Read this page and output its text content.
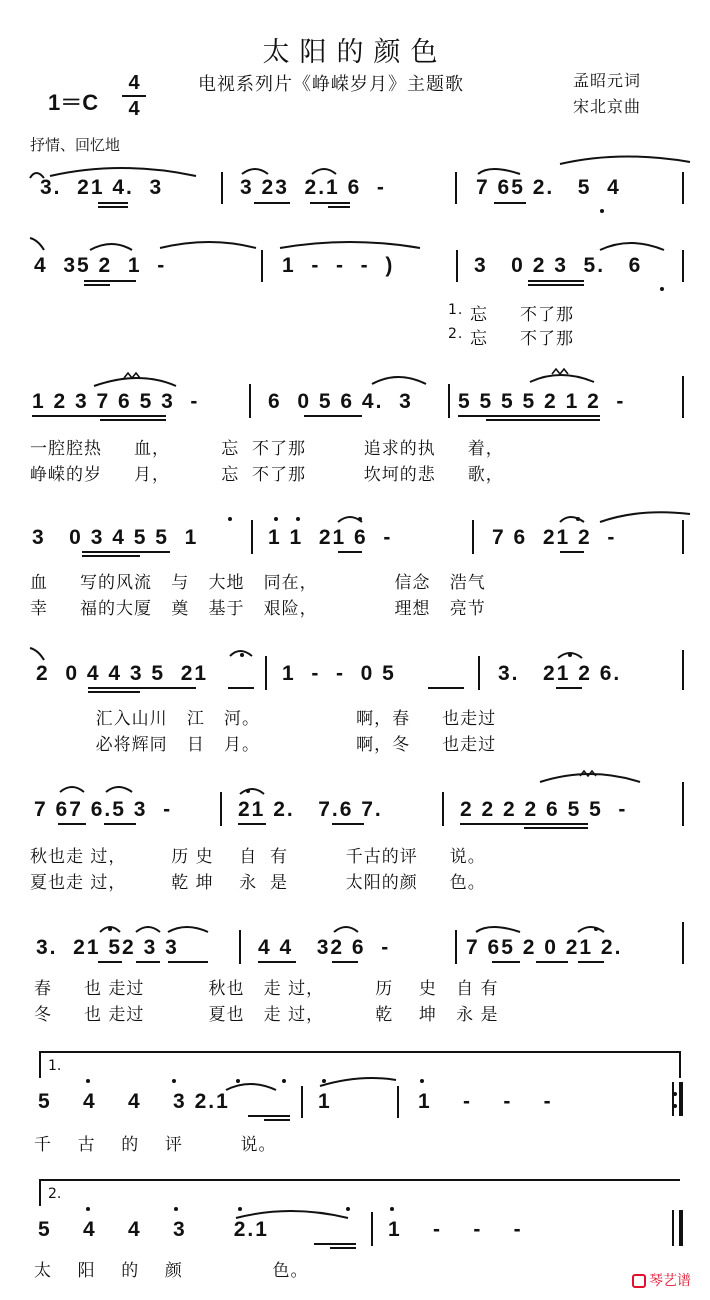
太阳的颜色
1＝C
4
4
电视系列片《峥嵘岁月》主题歌	孟昭元词
宋北京曲
抒情、回忆地
3.  21 4.  3	3 23  2.1 6  -	7 65 2.   5  4
4  35 2  1  -	1  -  -  -  )	3   0 2 3  5.   6
1.
2.
忘     不了那
忘     不了那
1 2 3 7 6 5 3  -	6  0 5 6 4.  3 5 5 5 5 2 1 2  -
一腔腔热     血，        忘  不了那         追求的执     着，
峥嵘的岁     月，        忘  不了那         坎坷的悲     歌，
3   0 3 4 5 5  1	1 1  21 6  -	7 6  21 2  -
血     写的风流   与   大地   同在，            信念   浩气
幸     福的大厦   奠   基于   艰险，            理想   亮节
2  0 4 4 3 5  21	1  -  -  0 5	3.   21 2 6.
汇入山川   江   河。               啊，春     也走过
必将辉同   日   月。               啊，冬     也走过
7 67 6.5 3  -	21 2.   7.6 7.	2 2 2 2 6 5 5  -
秋也走 过，       历 史    自  有         千古的评     说。
夏也走 过，       乾 坤    永  是         太阳的颜     色。
3.  21 52 3 3	4 4   32 6  -	7 65 2 0 21 2.
春     也 走过          秋也   走 过，        历    史   自 有
冬     也 走过          夏也   走 过，        乾    坤   永 是
1.
5    4    4    3 2.1	1	1    -    -    -
千    古    的    评         说。
2.
5    4    4    3      2.1	1    -    -    -
太    阳    的    颜              色。	琴艺谱
